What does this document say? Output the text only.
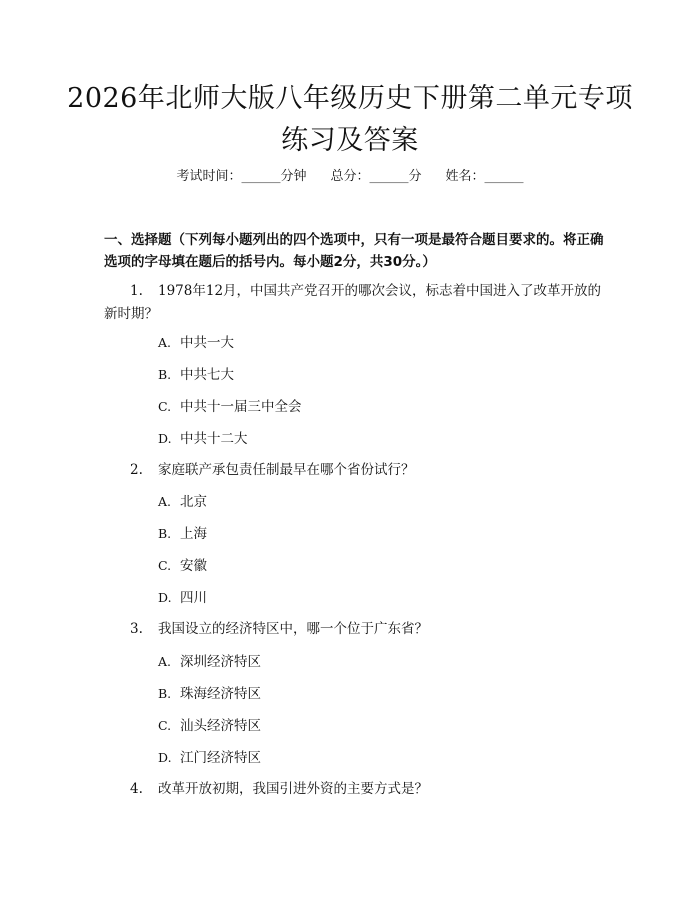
2026年北师大版八年级历史下册第二单元专项练习及答案
考试时间：______分钟 总分：______分 姓名：______
一、选择题（下列每小题列出的四个选项中，只有一项是最符合题目要求的。将正确选项的字母填在题后的括号内。每小题2分，共30分。）
1. 1978年12月，中国共产党召开的哪次会议，标志着中国进入了改革开放的新时期？
A. 中共一大
B. 中共七大
C. 中共十一届三中全会
D. 中共十二大
2. 家庭联产承包责任制最早在哪个省份试行？
A. 北京
B. 上海
C. 安徽
D. 四川
3. 我国设立的经济特区中，哪一个位于广东省？
A. 深圳经济特区
B. 珠海经济特区
C. 汕头经济特区
D. 江门经济特区
4. 改革开放初期，我国引进外资的主要方式是？
